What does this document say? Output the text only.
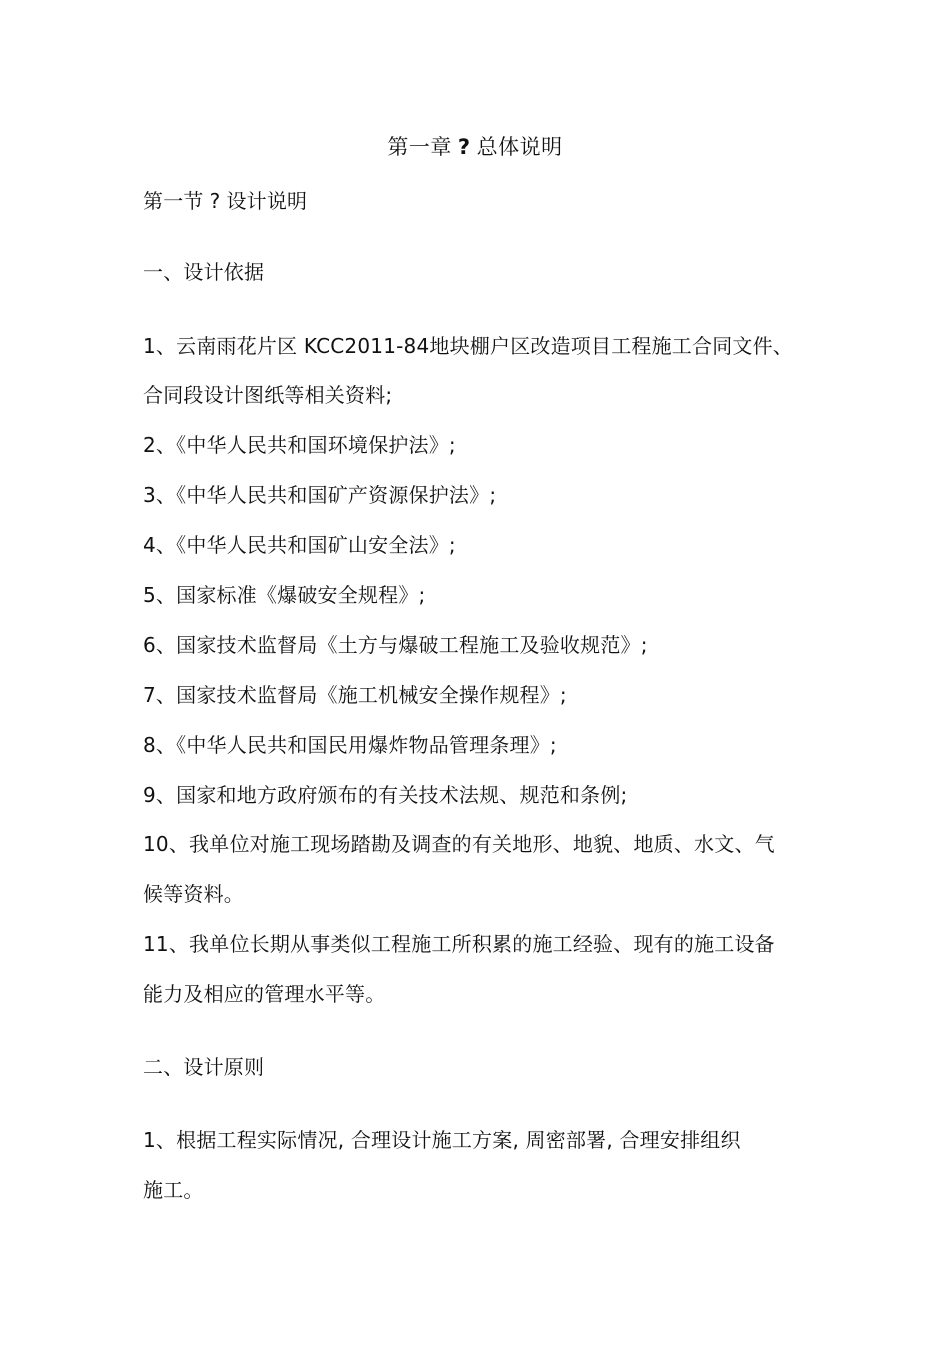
第一章 ? 总体说明
第一节 ? 设计说明
一、设计依据
1、云南雨花片区 KCC2011-84地块棚户区改造项目工程施工合同文件、
合同段设计图纸等相关资料;
2、《中华人民共和国环境保护法》;
3、《中华人民共和国矿产资源保护法》;
4、《中华人民共和国矿山安全法》;
5、国家标准《爆破安全规程》;
6、国家技术监督局《土方与爆破工程施工及验收规范》;
7、国家技术监督局《施工机械安全操作规程》;
8、《中华人民共和国民用爆炸物品管理条理》;
9、国家和地方政府颁布的有关技术法规、规范和条例;
10、我单位对施工现场踏勘及调查的有关地形、地貌、地质、水文、气
候等资料。
11、我单位长期从事类似工程施工所积累的施工经验、现有的施工设备
能力及相应的管理水平等。
二、设计原则
1、根据工程实际情况, 合理设计施工方案, 周密部署, 合理安排组织
施工。
